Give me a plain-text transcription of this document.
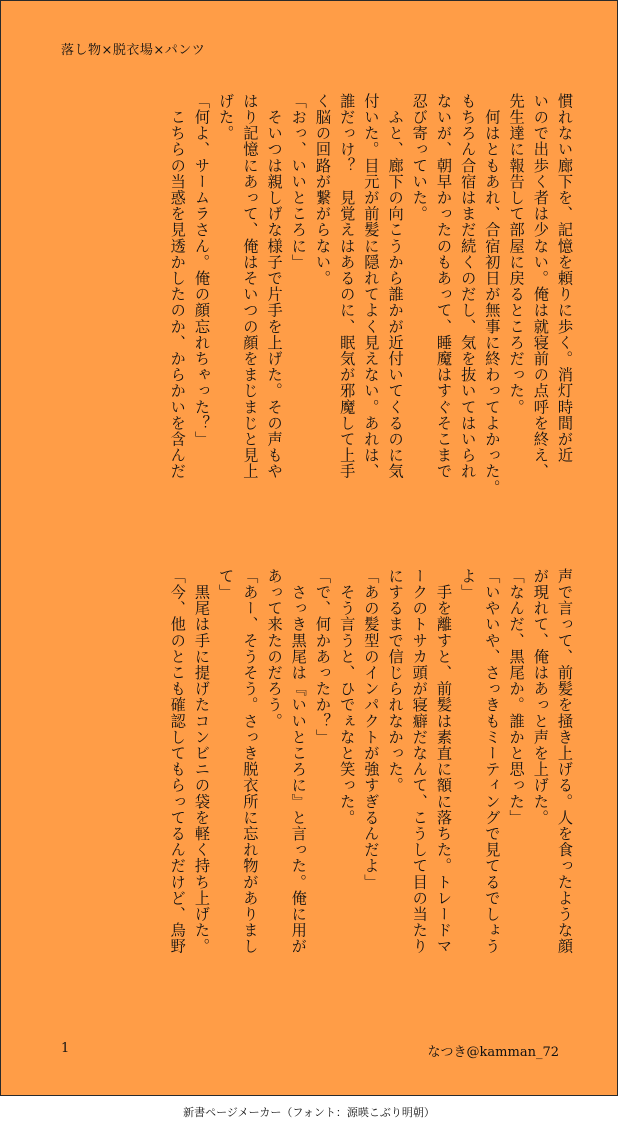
落し物×脱衣場×パンツ
慣れない廊下を、記憶を頼りに歩く。消灯時間が近
いので出歩く者は少ない。俺は就寝前の点呼を終え、
先生達に報告して部屋に戻るところだった。
　何はともあれ、合宿初日が無事に終わってよかった。
もちろん合宿はまだ続くのだし、気を抜いてはいられ
ないが、朝早かったのもあって、睡魔はすぐそこまで
忍び寄っていた。
　ふと、廊下の向こうから誰かが近付いてくるのに気
付いた。目元が前髪に隠れてよく見えない。あれは、
誰だっけ？　見覚えはあるのに、眠気が邪魔して上手
く脳の回路が繋がらない。
「おっ、いいところに」
　そいつは親しげな様子で片手を上げた。その声もや
はり記憶にあって、俺はそいつの顔をまじまじと見上
げた。
「何よ、サームラさん。俺の顔忘れちゃった？」
　こちらの当惑を見透かしたのか、からかいを含んだ
声で言って、前髪を掻き上げる。人を食ったような顔
が現れて、俺はあっと声を上げた。
「なんだ、黒尾か。誰かと思った」
「いやいや、さっきもミーティングで見てるでしょう
よ」
　手を離すと、前髪は素直に額に落ちた。トレードマ
ークのトサカ頭が寝癖だなんて、こうして目の当たり
にするまで信じられなかった。
「あの髪型のインパクトが強すぎるんだよ」
　そう言うと、ひでぇなと笑った。
「で、何かあったか？」
　さっき黒尾は『いいところに』と言った。俺に用が
あって来たのだろう。
「あー、そうそう。さっき脱衣所に忘れ物がありまし
て」
　黒尾は手に提げたコンビニの袋を軽く持ち上げた。
「今、他のとこも確認してもらってるんだけど、烏野
1	なつき@kamman_72
新書ページメーカー（フォント：源暎こぶり明朝）
